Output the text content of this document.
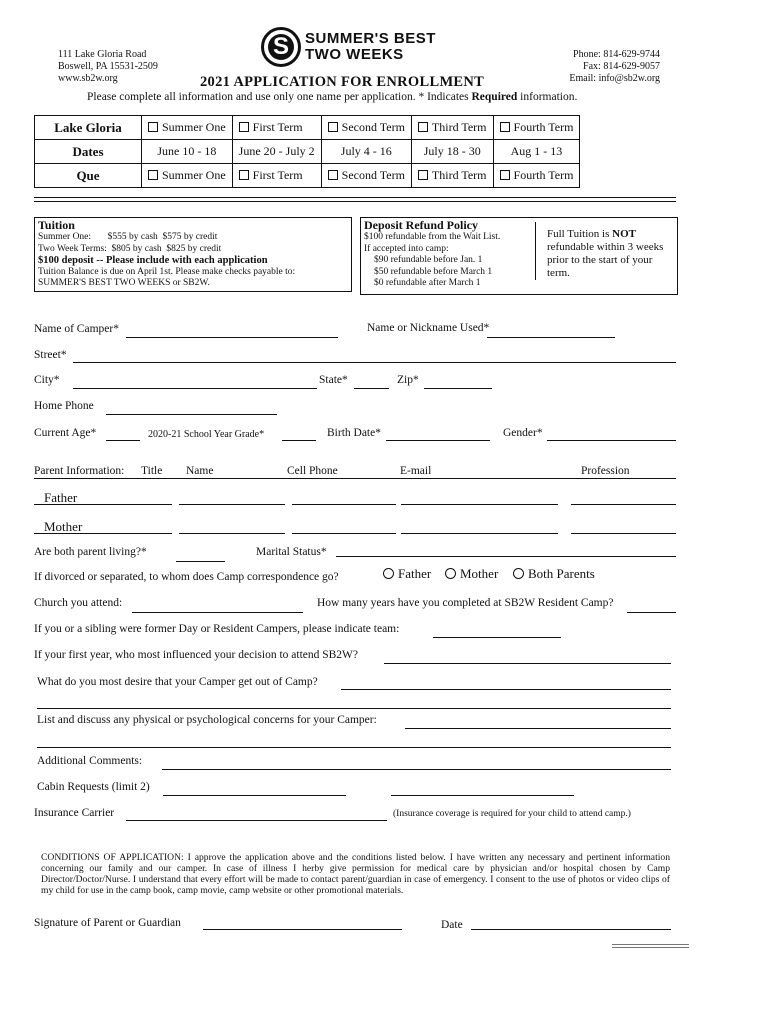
111 Lake Gloria Road
Boswell, PA 15531-2509
www.sb2w.org
S	SUMMER'S BEST
TWO WEEKS	Phone: 814-629-9744
Fax: 814-629-9057
Email: info@sb2w.org
2021 APPLICATION FOR ENROLLMENT
Please complete all information and use only one name per application. * Indicates Required information.
Lake Gloria	Summer One	First Term	Second Term	Third Term	Fourth Term
Dates	June 10 - 18	June 20 - July 2	July 4 - 16	July 18 - 30	Aug 1 - 13
Que	Summer One	First Term	Second Term	Third Term	Fourth Term
Tuition
Summer One:       $555 by cash  $575 by credit
Two Week Terms:  $805 by cash  $825 by credit
$100 deposit -- Please include with each application
Tuition Balance is due on April 1st. Please make checks payable to:
SUMMER'S BEST TWO WEEKS or SB2W.
Deposit Refund Policy
$100 refundable from the Wait List.
If accepted into camp:
$90 refundable before Jan. 1
$50 refundable before March 1
$0 refundable after March 1
Full Tuition is NOT refundable within 3 weeks prior to the start of your term.
Name of Camper*	Name or Nickname Used*
Street*
City*	State*	Zip*
Home Phone
Current Age*	2020-21 School Year Grade*	Birth Date*	Gender*
Parent Information: Title Name	Cell Phone	E-mail	Profession
Father
Mother
Are both parent living?*	Marital Status*
If divorced or separated, to whom does Camp correspondence go?	Father	Mother	Both Parents
Church you attend:	How many years have you completed at SB2W Resident Camp?
If you or a sibling were former Day or Resident Campers, please indicate team:
If your first year, who most influenced your decision to attend SB2W?
What do you most desire that your Camper get out of Camp?
List and discuss any physical or psychological concerns for your Camper:
Additional Comments:
Cabin Requests (limit 2)
Insurance Carrier	(Insurance coverage is required for your child to attend camp.)
CONDITIONS OF APPLICATION: I approve the application above and the conditions listed below. I have written any necessary and pertinent information concerning our family and our camper. In case of illness I herby give permission for medical care by physician and/or hospital chosen by Camp Director/Doctor/Nurse. I understand that every effort will be made to contact parent/guardian in case of emergency. I consent to the use of photos or video clips of my child for use in the camp book, camp movie, camp website or other promotional materials.
Signature of Parent or Guardian	Date
